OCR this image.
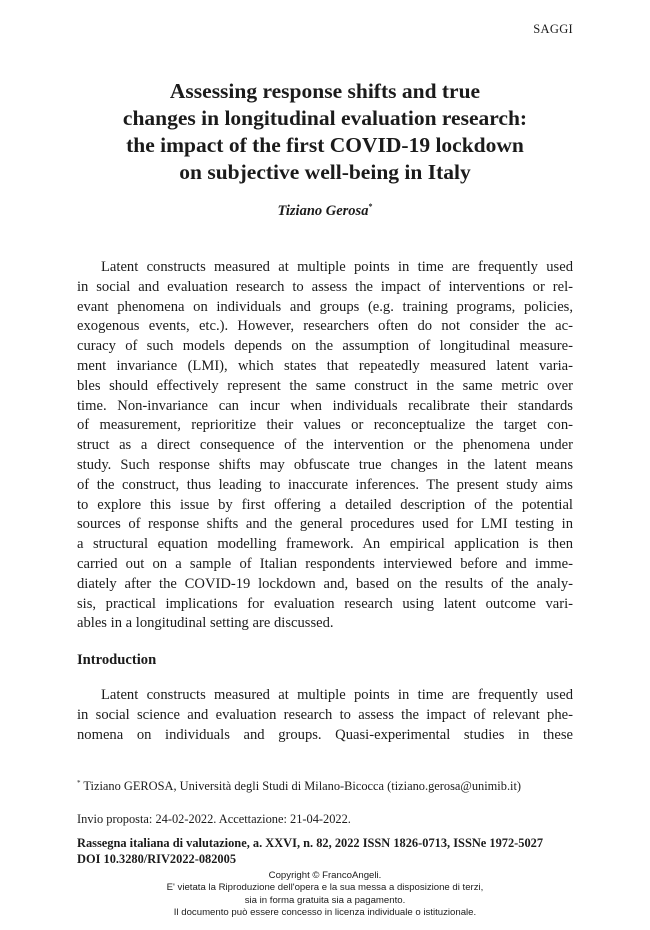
SAGGI
Assessing response shifts and true
changes in longitudinal evaluation research:
the impact of the first COVID-19 lockdown
on subjective well-being in Italy
Tiziano Gerosa*

Latent constructs measured at multiple points in time are frequently used
in social and evaluation research to assess the impact of interventions or rel-
evant phenomena on individuals and groups (e.g. training programs, policies,
exogenous events, etc.). However, researchers often do not consider the ac-
curacy of such models depends on the assumption of longitudinal measure-
ment invariance (LMI), which states that repeatedly measured latent varia-
bles should effectively represent the same construct in the same metric over
time. Non-invariance can incur when individuals recalibrate their standards
of measurement, reprioritize their values or reconceptualize the target con-
struct as a direct consequence of the intervention or the phenomena under
study. Such response shifts may obfuscate true changes in the latent means
of the construct, thus leading to inaccurate inferences. The present study aims
to explore this issue by first offering a detailed description of the potential
sources of response shifts and the general procedures used for LMI testing in
a structural equation modelling framework. An empirical application is then
carried out on a sample of Italian respondents interviewed before and imme-
diately after the COVID-19 lockdown and, based on the results of the analy-
sis, practical implications for evaluation research using latent outcome vari-
ables in a longitudinal setting are discussed.

Introduction

Latent constructs measured at multiple points in time are frequently used
in social science and evaluation research to assess the impact of relevant phe-
nomena on individuals and groups. Quasi-experimental studies in these

* Tiziano GEROSA, Università degli Studi di Milano-Bicocca (tiziano.gerosa@unimib.it)
Invio proposta: 24-02-2022. Accettazione: 21-04-2022.
Rassegna italiana di valutazione, a. XXVI, n. 82, 2022 ISSN 1826-0713, ISSNe 1972-5027
DOI 10.3280/RIV2022-082005
Copyright © FrancoAngeli.
E' vietata la Riproduzione dell'opera e la sua messa a disposizione di terzi,
sia in forma gratuita sia a pagamento.
Il documento può essere concesso in licenza individuale o istituzionale.
